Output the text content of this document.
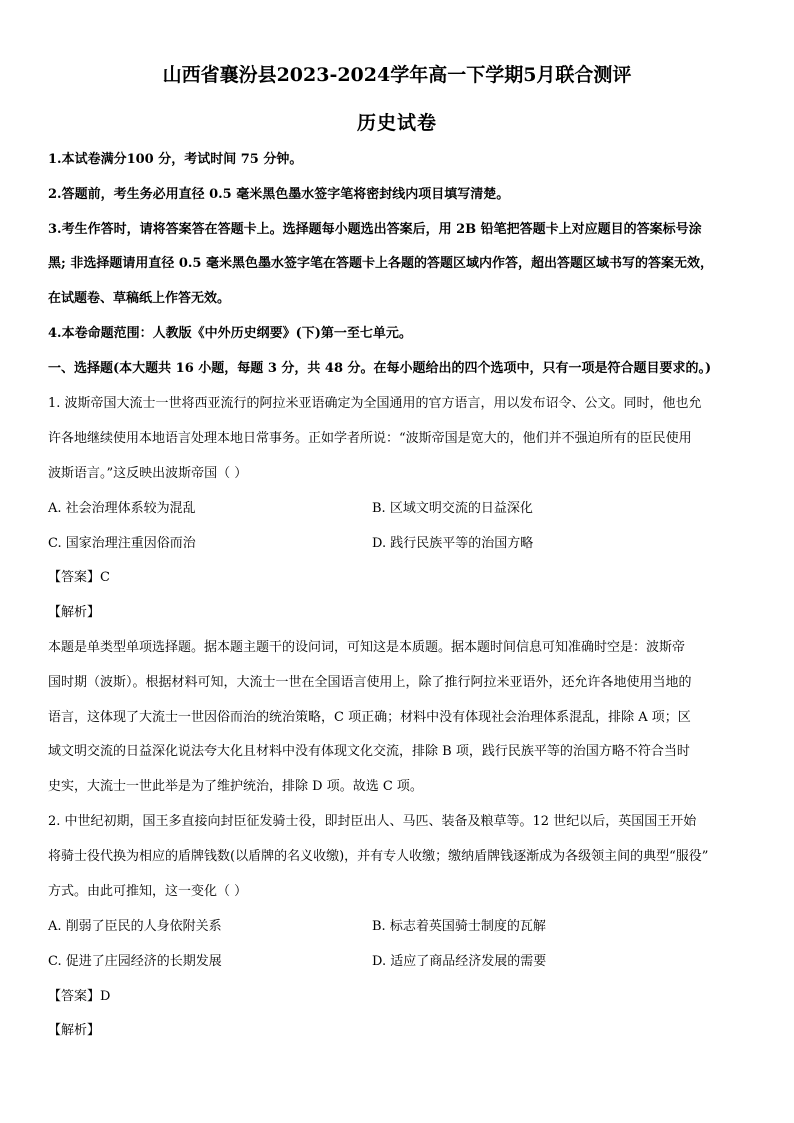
山西省襄汾县2023-2024学年高一下学期5月联合测评
历史试卷
1.本试卷满分100 分，考试时间 75 分钟。
2.答题前，考生务必用直径 0.5 毫米黑色墨水签字笔将密封线内项目填写清楚。
3.考生作答时，请将答案答在答题卡上。选择题每小题选出答案后，用 2B 铅笔把答题卡上对应题目的答案标号涂
黑; 非选择题请用直径 0.5 毫米黑色墨水签字笔在答题卡上各题的答题区域内作答，超出答题区域书写的答案无效，
在试题卷、草稿纸上作答无效。
4.本卷命题范围：人教版《中外历史纲要》(下)第一至七单元。
一、选择题(本大题共 16 小题，每题 3 分，共 48 分。在每小题给出的四个选项中，只有一项是符合题目要求的。)
1. 波斯帝国大流士一世将西亚流行的阿拉米亚语确定为全国通用的官方语言，用以发布诏令、公文。同时，他也允
许各地继续使用本地语言处理本地日常事务。正如学者所说：“波斯帝国是宽大的，他们并不强迫所有的臣民使用
波斯语言。”这反映出波斯帝国（ ）
A. 社会治理体系较为混乱	B. 区域文明交流的日益深化
C. 国家治理注重因俗而治	D. 践行民族平等的治国方略
【答案】C
【解析】
本题是单类型单项选择题。据本题主题干的设问词，可知这是本质题。据本题时间信息可知准确时空是：波斯帝
国时期（波斯）。根据材料可知，大流士一世在全国语言使用上，除了推行阿拉米亚语外，还允许各地使用当地的
语言，这体现了大流士一世因俗而治的统治策略，C 项正确；材料中没有体现社会治理体系混乱，排除 A 项；区
域文明交流的日益深化说法夸大化且材料中没有体现文化交流，排除 B 项，践行民族平等的治国方略不符合当时
史实，大流士一世此举是为了维护统治，排除 D 项。故选 C 项。
2. 中世纪初期，国王多直接向封臣征发骑士役，即封臣出人、马匹、装备及粮草等。12 世纪以后，英国国王开始
将骑士役代换为相应的盾牌钱数(以盾牌的名义收缴)，并有专人收缴；缴纳盾牌钱逐渐成为各级领主间的典型“服役”
方式。由此可推知，这一变化（ ）
A. 削弱了臣民的人身依附关系	B. 标志着英国骑士制度的瓦解
C. 促进了庄园经济的长期发展	D. 适应了商品经济发展的需要
【答案】D
【解析】
